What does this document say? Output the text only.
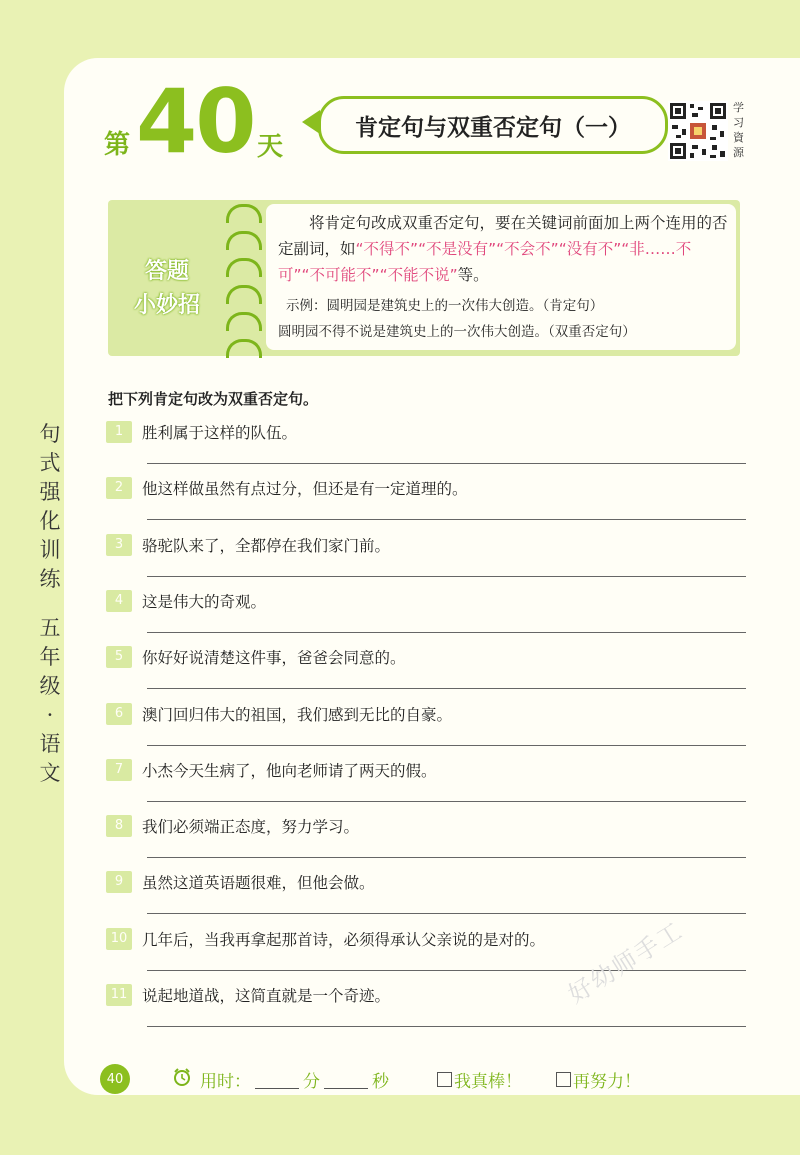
句
式
强
化
训
练
五
年
级
·
语
文
第 40 天
肯定句与双重否定句（一）
学习資源
答题
小妙招
将肯定句改成双重否定句，要在关键词前面加上两个连用的否定副词，如“不得不”“不是没有”“不会不”“没有不”“非……不可”“不可能不”“不能不说”等。
示例：圆明园是建筑史上的一次伟大创造。（肯定句）
圆明园不得不说是建筑史上的一次伟大创造。（双重否定句）
把下列肯定句改为双重否定句。
1	胜利属于这样的队伍。
2	他这样做虽然有点过分，但还是有一定道理的。
3	骆驼队来了，全都停在我们家门前。
4	这是伟大的奇观。
5	你好好说清楚这件事，爸爸会同意的。
6	澳门回归伟大的祖国，我们感到无比的自豪。
7	小杰今天生病了，他向老师请了两天的假。
8	我们必须端正态度，努力学习。
9	虽然这道英语题很难，但他会做。
10 几年后，当我再拿起那首诗，必须得承认父亲说的是对的。
11 说起地道战，这简直就是一个奇迹。
40	用时：	分	秒	我真棒！	再努力！
好幼师手工
